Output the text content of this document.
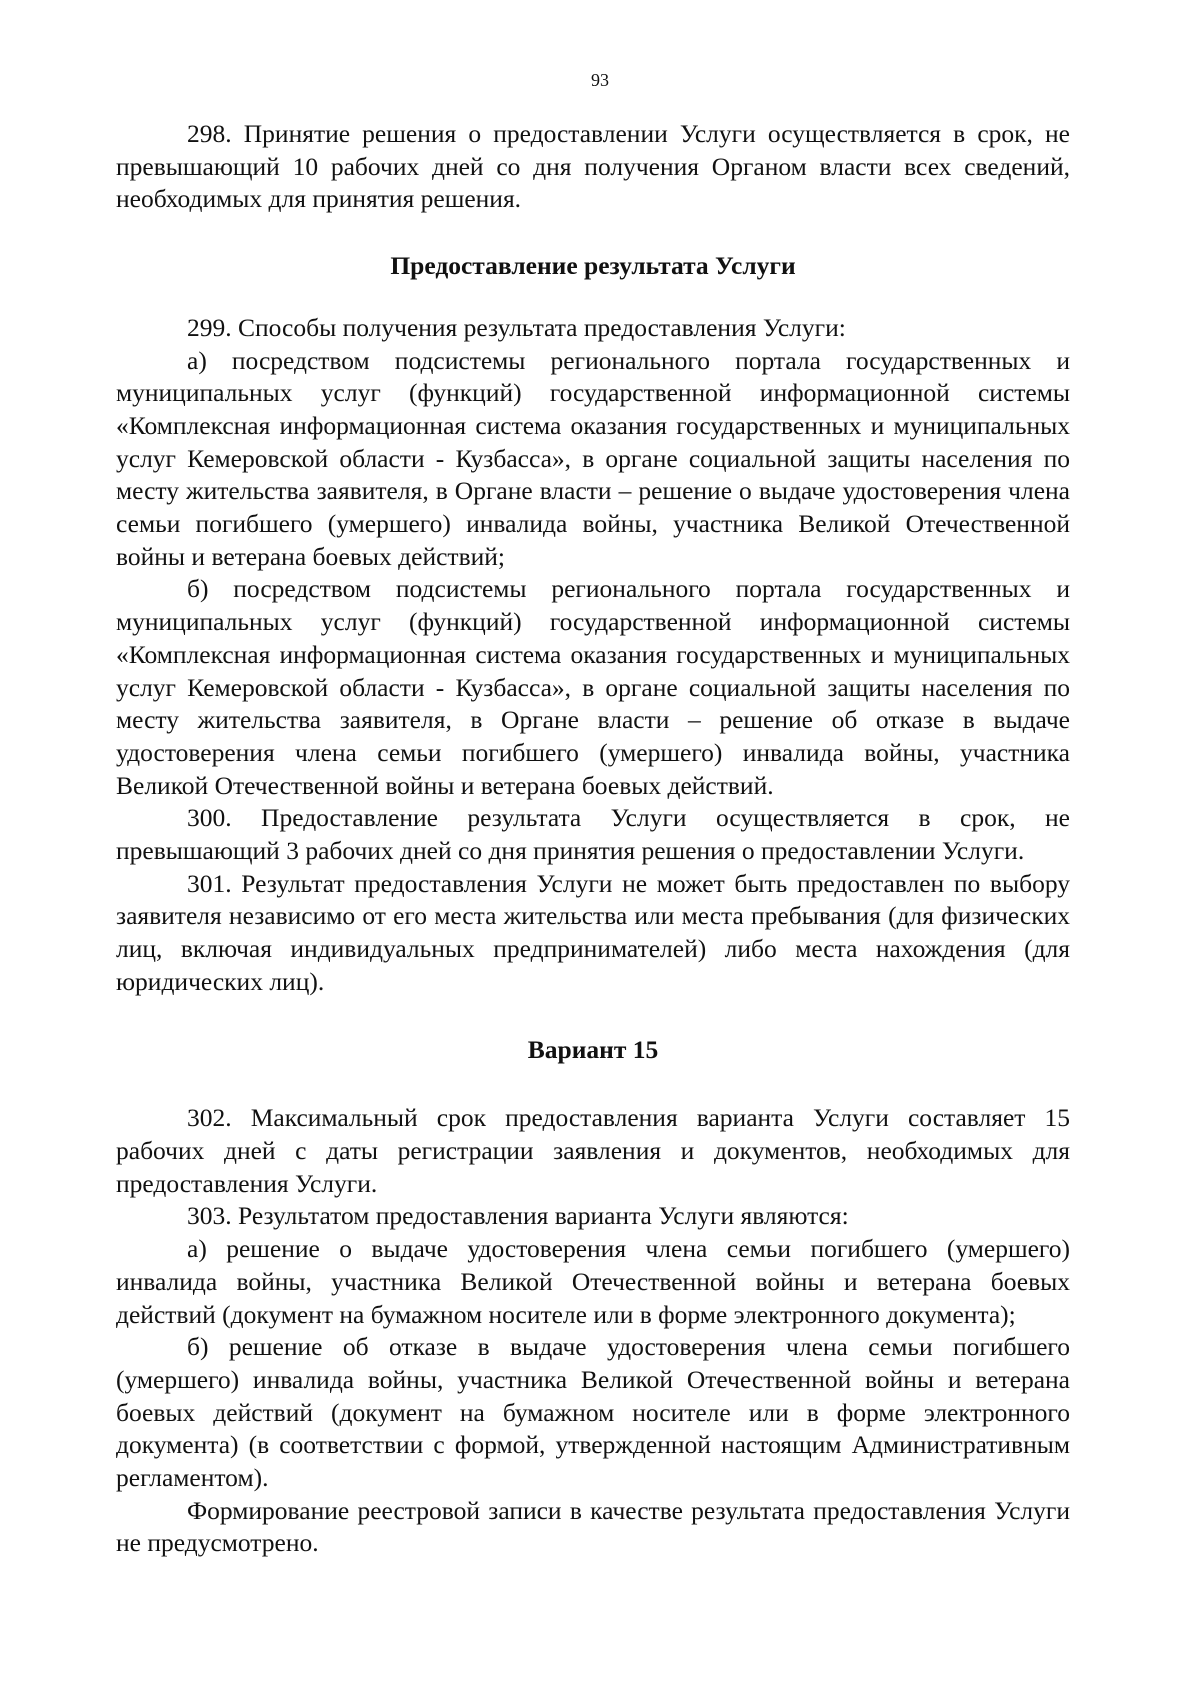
93

298. Принятие решения о предоставлении Услуги осуществляется в срок, не превышающий 10 рабочих дней со дня получения Органом власти всех сведений, необходимых для принятия решения.

Предоставление результата Услуги

299. Способы получения результата предоставления Услуги:

а) посредством подсистемы регионального портала государственных и муниципальных услуг (функций) государственной информационной системы «Комплексная информационная система оказания государственных и муниципальных услуг Кемеровской области - Кузбасса», в органе социальной защиты населения по месту жительства заявителя, в Органе власти – решение о выдаче удостоверения члена семьи погибшего (умершего) инвалида войны, участника Великой Отечественной войны и ветерана боевых действий;

б) посредством подсистемы регионального портала государственных и муниципальных услуг (функций) государственной информационной системы «Комплексная информационная система оказания государственных и муниципальных услуг Кемеровской области - Кузбасса», в органе социальной защиты населения по месту жительства заявителя, в Органе власти – решение об отказе в выдаче удостоверения члена семьи погибшего (умершего) инвалида войны, участника Великой Отечественной войны и ветерана боевых действий.

300. Предоставление результата Услуги осуществляется в срок, не превышающий 3 рабочих дней со дня принятия решения о предоставлении Услуги.

301. Результат предоставления Услуги не может быть предоставлен по выбору заявителя независимо от его места жительства или места пребывания (для физических лиц, включая индивидуальных предпринимателей) либо места нахождения (для юридических лиц).

Вариант 15

302. Максимальный срок предоставления варианта Услуги составляет 15 рабочих дней с даты регистрации заявления и документов, необходимых для предоставления Услуги.

303. Результатом предоставления варианта Услуги являются:

а) решение о выдаче удостоверения члена семьи погибшего (умершего) инвалида войны, участника Великой Отечественной войны и ветерана боевых действий (документ на бумажном носителе или в форме электронного документа);

б) решение об отказе в выдаче удостоверения члена семьи погибшего (умершего) инвалида войны, участника Великой Отечественной войны и ветерана боевых действий (документ на бумажном носителе или в форме электронного документа) (в соответствии с формой, утвержденной настоящим Административным регламентом).

Формирование реестровой записи в качестве результата предоставления Услуги не предусмотрено.
